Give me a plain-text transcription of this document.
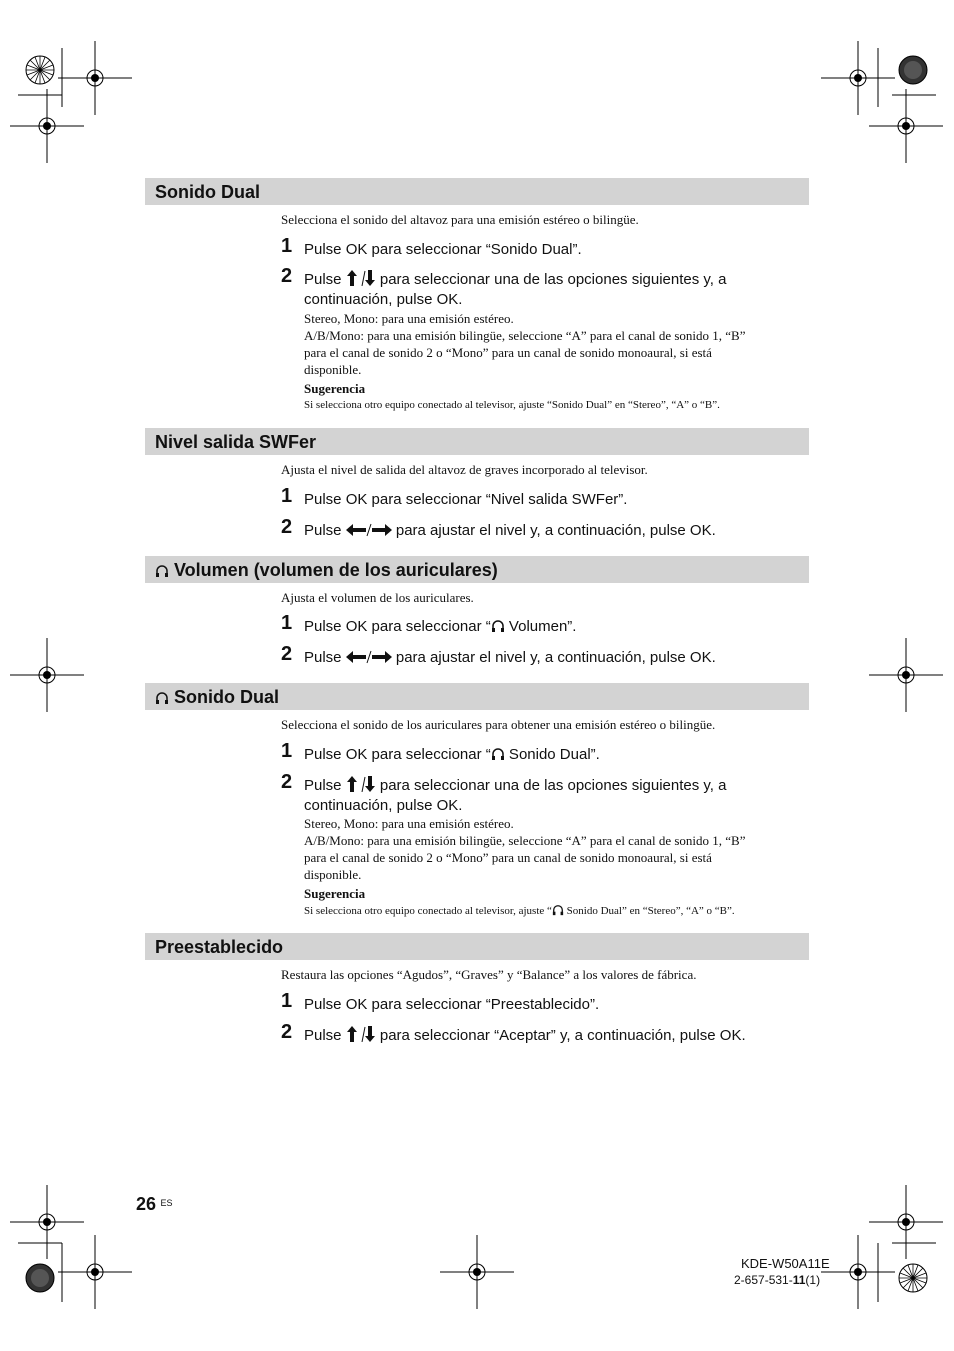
Sonido Dual
Selecciona el sonido del altavoz para una emisión estéreo o bilingüe.
1 Pulse OK para seleccionar “Sonido Dual”.
2 Pulse  para seleccionar una de las opciones siguientes y, a
continuación, pulse OK.
Stereo, Mono: para una emisión estéreo.
A/B/Mono: para una emisión bilingüe, seleccione “A” para el canal de sonido 1, “B”
para el canal de sonido 2 o “Mono” para un canal de sonido monoaural, si está
disponible.
Sugerencia
Si selecciona otro equipo conectado al televisor, ajuste “Sonido Dual” en “Stereo”, “A” o “B”.
Nivel salida SWFer
Ajusta el nivel de salida del altavoz de graves incorporado al televisor.
1 Pulse OK para seleccionar “Nivel salida SWFer”.
2 Pulse	para ajustar el nivel y, a continuación, pulse OK.
Volumen (volumen de los auriculares)
Ajusta el volumen de los auriculares.
1 Pulse OK para seleccionar “ Volumen”.
2 Pulse	para ajustar el nivel y, a continuación, pulse OK.
Sonido Dual
Selecciona el sonido de los auriculares para obtener una emisión estéreo o bilingüe.
1 Pulse OK para seleccionar “ Sonido Dual”.
2 Pulse  para seleccionar una de las opciones siguientes y, a
continuación, pulse OK.
Stereo, Mono: para una emisión estéreo.
A/B/Mono: para una emisión bilingüe, seleccione “A” para el canal de sonido 1, “B”
para el canal de sonido 2 o “Mono” para un canal de sonido monoaural, si está
disponible.
Sugerencia
Si selecciona otro equipo conectado al televisor, ajuste “ Sonido Dual” en “Stereo”, “A” o “B”.
Preestablecido
Restaura las opciones “Agudos”, “Graves” y “Balance” a los valores de fábrica.
1 Pulse OK para seleccionar “Preestablecido”.
2 Pulse  para seleccionar “Aceptar” y, a continuación, pulse OK.
26 $^{ES}$
KDE-W50A11E
2-657-531-11(1)
